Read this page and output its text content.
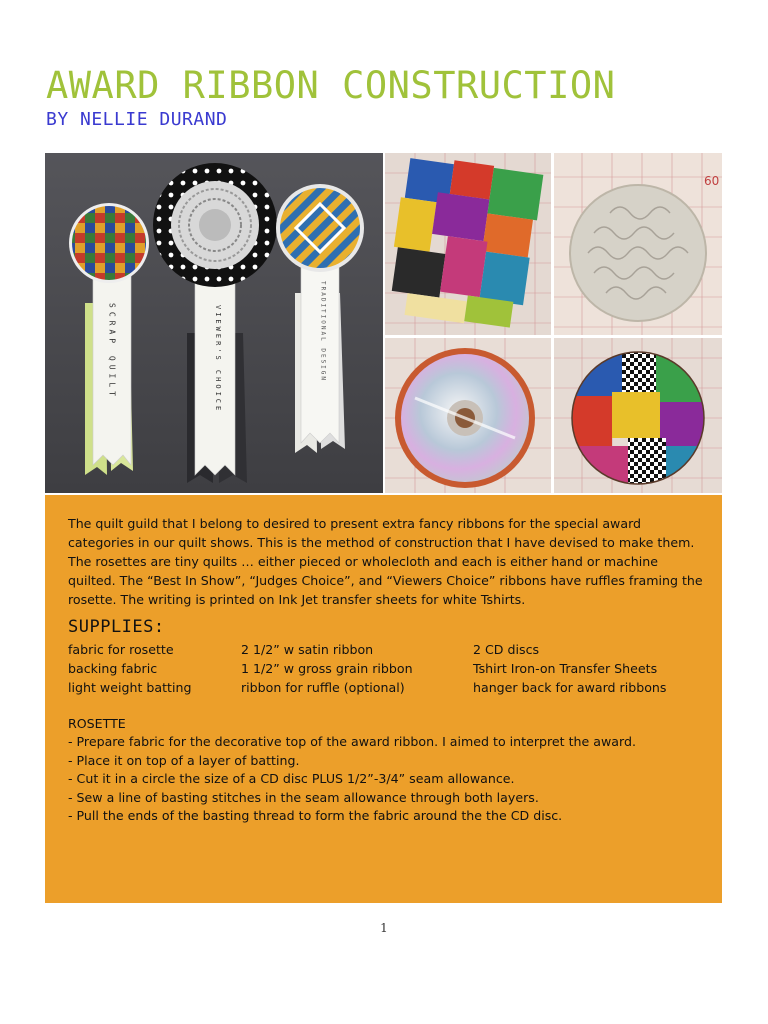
AWARD RIBBON CONSTRUCTION
BY NELLIE DURAND
SCRAP QUILT	VIEWER'S CHOICE	TRADITIONAL DESIGN
60

The quilt guild that I belong to desired to present extra fancy ribbons for the special award categories in our quilt shows. This is the method of construction that I have devised to make them. The rosettes are tiny quilts … either pieced or wholecloth and each is either hand or machine quilted. The “Best In Show”, “Judges Choice”, and “Viewers Choice” ribbons have ruffles framing the rosette. The writing is printed on Ink Jet transfer sheets for white Tshirts.

SUPPLIES:
fabric for rosette	2 1/2” w satin ribbon	2 CD discs
backing fabric	1 1/2” w gross grain ribbon	Tshirt Iron-on Transfer Sheets
light weight batting	ribbon for ruffle (optional)	hanger back for award ribbons
ROSETTE
- Prepare fabric for the decorative top of the award ribbon. I aimed to interpret the award.
- Place it on top of a layer of batting.
- Cut it in a circle the size of a CD disc PLUS 1/2”-3/4” seam allowance.
- Sew a line of basting stitches in the seam allowance through both layers.
- Pull the ends of the basting thread to form the fabric around the the CD disc.
1
